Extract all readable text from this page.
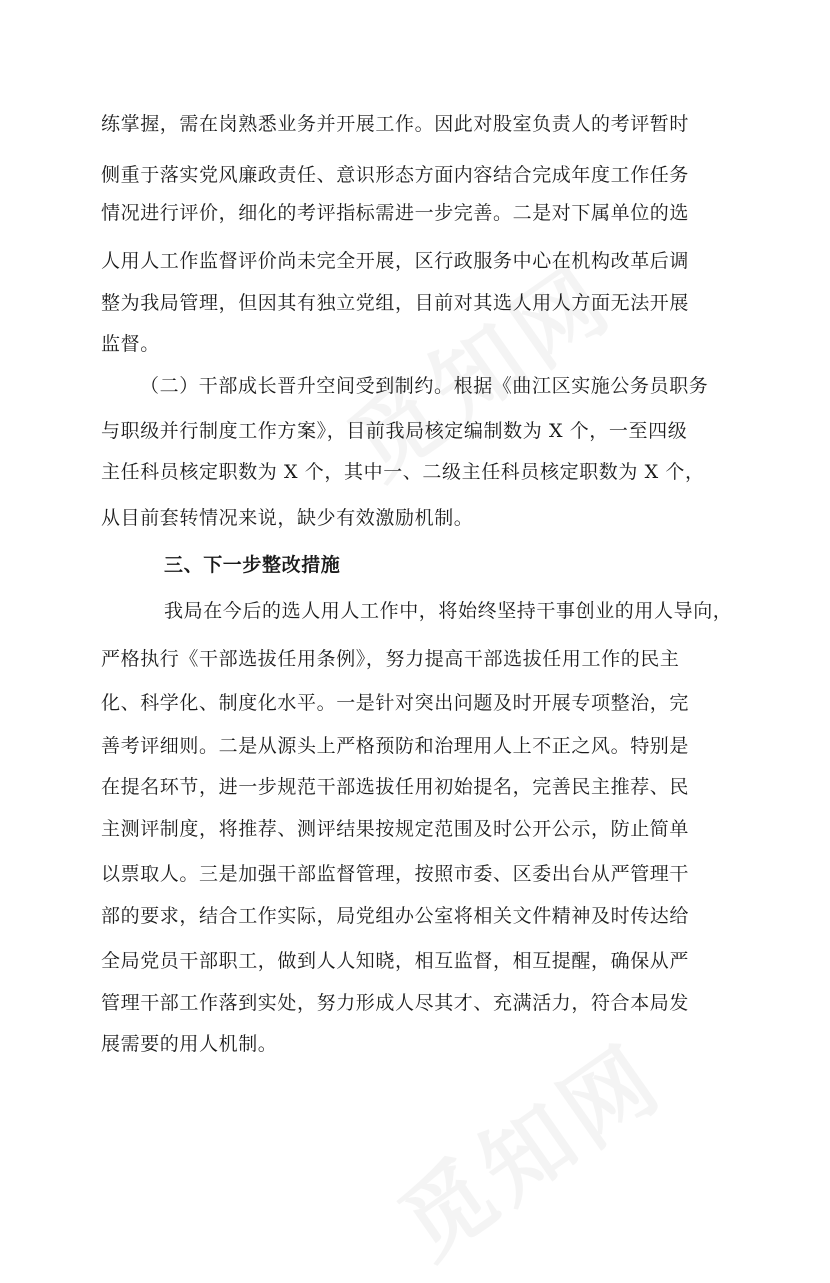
练掌握，需在岗熟悉业务并开展工作。因此对股室负责人的考评暂时
侧重于落实党风廉政责任、意识形态方面内容结合完成年度工作任务
情况进行评价，细化的考评指标需进一步完善。二是对下属单位的选
人用人工作监督评价尚未完全开展，区行政服务中心在机构改革后调
整为我局管理，但因其有独立党组，目前对其选人用人方面无法开展
监督。
（二）干部成长晋升空间受到制约。根据《曲江区实施公务员职务
与职级并行制度工作方案》，目前我局核定编制数为 X 个，一至四级
主任科员核定职数为 X 个，其中一、二级主任科员核定职数为 X 个，
从目前套转情况来说，缺少有效激励机制。
三、下一步整改措施
我局在今后的选人用人工作中，将始终坚持干事创业的用人导向，
严格执行《干部选拔任用条例》，努力提高干部选拔任用工作的民主
化、科学化、制度化水平。一是针对突出问题及时开展专项整治，完
善考评细则。二是从源头上严格预防和治理用人上不正之风。特别是
在提名环节，进一步规范干部选拔任用初始提名，完善民主推荐、民
主测评制度，将推荐、测评结果按规定范围及时公开公示，防止简单
以票取人。三是加强干部监督管理，按照市委、区委出台从严管理干
部的要求，结合工作实际，局党组办公室将相关文件精神及时传达给
全局党员干部职工，做到人人知晓，相互监督，相互提醒，确保从严
管理干部工作落到实处，努力形成人尽其才、充满活力，符合本局发
展需要的用人机制。
